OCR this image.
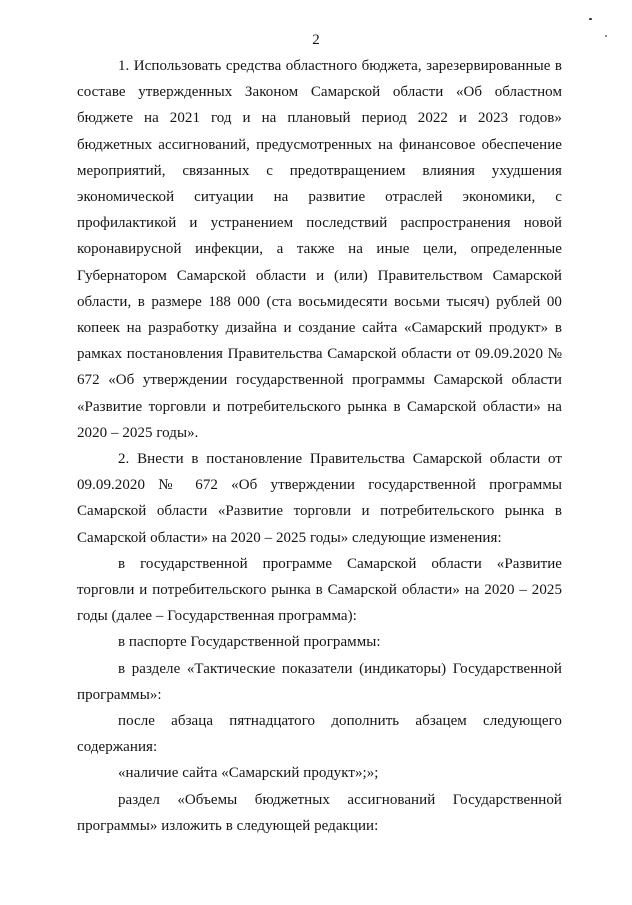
2

1. Использовать средства областного бюджета, зарезервированные в составе утвержденных Законом Самарской области «Об областном бюджете на 2021 год и на плановый период 2022 и 2023 годов» бюджетных ассигнований, предусмотренных на финансовое обеспечение мероприятий, связанных с предотвращением влияния ухудшения экономической ситуации на развитие отраслей экономики, с профилактикой и устранением последствий распространения новой коронавирусной инфекции, а также на иные цели, определенные Губернатором Самарской области и (или) Правительством Самарской области, в размере 188 000 (ста восьмидесяти восьми тысяч) рублей 00 копеек на разработку дизайна и создание сайта «Самарский продукт» в рамках постановления Правительства Самарской области от 09.09.2020 № 672 «Об утверждении государственной программы Самарской области «Развитие торговли и потребительского рынка в Самарской области» на 2020 – 2025 годы».

2. Внести в постановление Правительства Самарской области от 09.09.2020 № 672 «Об утверждении государственной программы Самарской области «Развитие торговли и потребительского рынка в Самарской области» на 2020 – 2025 годы» следующие изменения:

в государственной программе Самарской области «Развитие торговли и потребительского рынка в Самарской области» на 2020 – 2025 годы (далее – Государственная программа):

в паспорте Государственной программы:

в разделе «Тактические показатели (индикаторы) Государственной программы»:

после абзаца пятнадцатого дополнить абзацем следующего содержания:

«наличие сайта «Самарский продукт»;»;

раздел «Объемы бюджетных ассигнований Государственной программы» изложить в следующей редакции:
